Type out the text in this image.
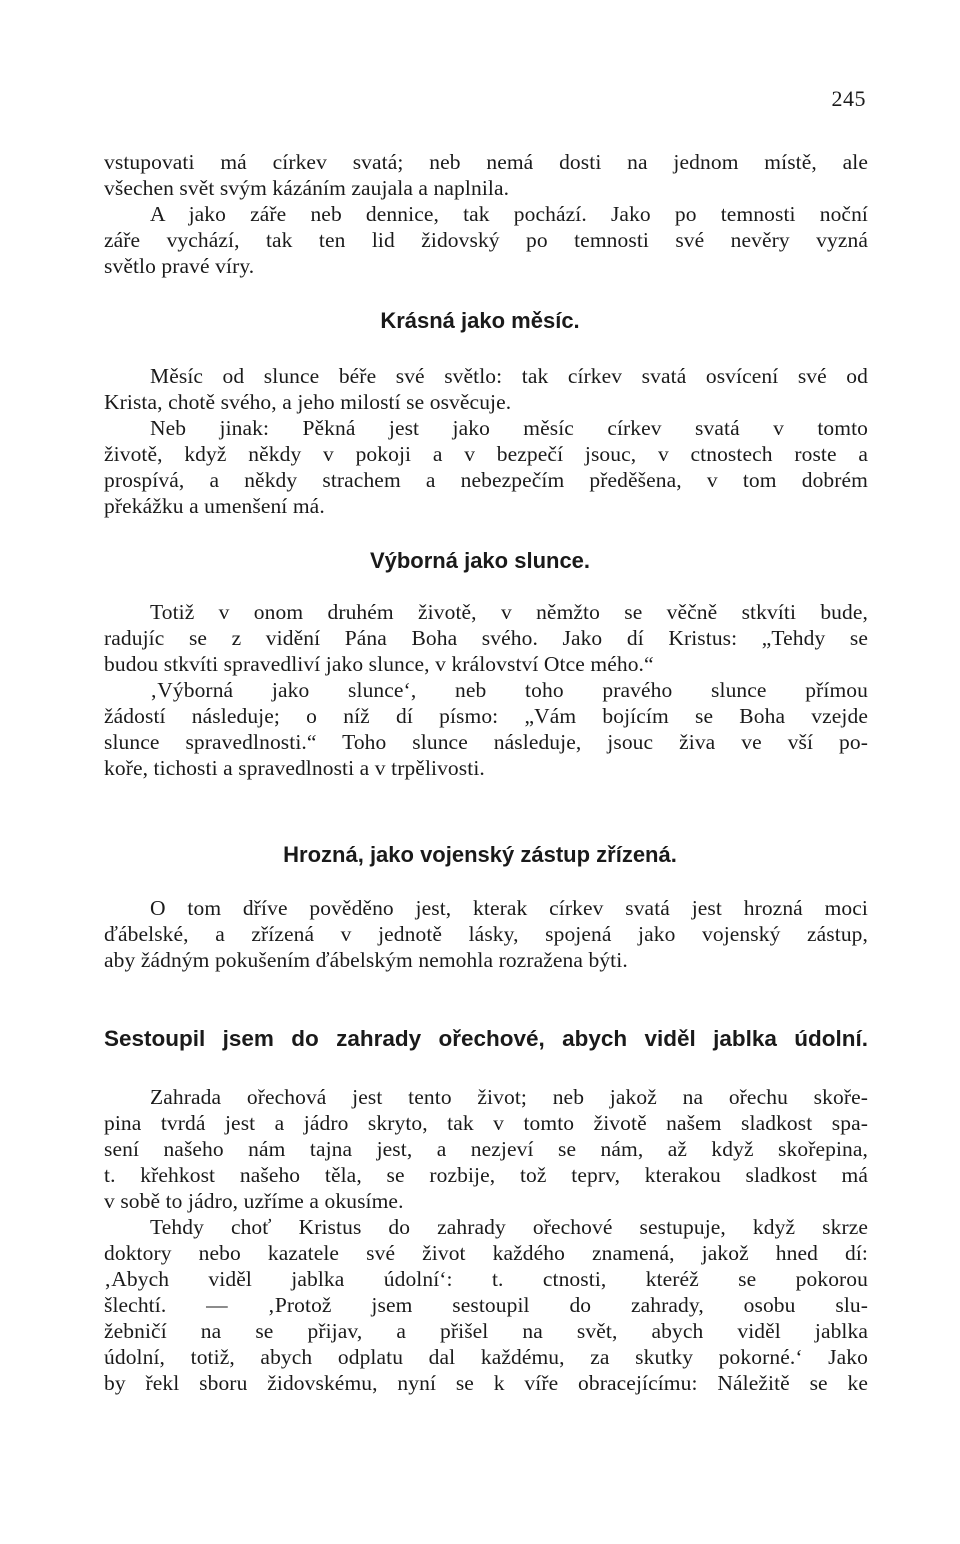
245
vstupovati má církev svatá; neb nemá dosti na jednom místě, ale
všechen svět svým kázáním zaujala a naplnila.
A jako záře neb dennice, tak pochází. Jako po temnosti noční
záře vychází, tak ten lid židovský po temnosti své nevěry vyzná
světlo pravé víry.
Krásná jako měsíc.
Měsíc od slunce béře své světlo: tak církev svatá osvícení své od
Krista, chotě svého, a jeho milostí se osvěcuje.
Neb jinak: Pěkná jest jako měsíc církev svatá v tomto
životě, když někdy v pokoji a v bezpečí jsouc, v ctnostech roste a
prospívá, a někdy strachem a nebezpečím předěšena, v tom dobrém
překážku a umenšení má.
Výborná jako slunce.
Totiž v onom druhém životě, v němžto se věčně stkvíti bude,
radujíc se z vidění Pána Boha svého. Jako dí Kristus: „Tehdy se
budou stkvíti spravedliví jako slunce, v království Otce mého.“
‚Výborná jako slunce‘, neb toho pravého slunce přímou
žádostí následuje; o níž dí písmo: „Vám bojícím se Boha vzejde
slunce spravedlnosti.“ Toho slunce následuje, jsouc živa ve vší po-
koře, tichosti a spravedlnosti a v trpělivosti.
Hrozná, jako vojenský zástup zřízená.
O tom dříve pověděno jest, kterak církev svatá jest hrozná moci
ďábelské, a zřízená v jednotě lásky, spojená jako vojenský zástup,
aby žádným pokušením ďábelským nemohla rozražena býti.
Sestoupil jsem do zahrady ořechové, abych viděl jablka údolní.
Zahrada ořechová jest tento život; neb jakož na ořechu skoře-
pina tvrdá jest a jádro skryto, tak v tomto životě našem sladkost spa-
sení našeho nám tajna jest, a nezjeví se nám, až když skořepina,
t. křehkost našeho těla, se rozbije, tož teprv, kterakou sladkost má
v sobě to jádro, uzříme a okusíme.
Tehdy choť Kristus do zahrady ořechové sestupuje, když skrze
doktory nebo kazatele své život každého znamená, jakož hned dí:
‚Abych viděl jablka údolní‘: t. ctnosti, kteréž se pokorou
šlechtí. — ‚Protož jsem sestoupil do zahrady, osobu slu-
žebničí na se přijav, a přišel na svět, abych viděl jablka
údolní, totiž, abych odplatu dal každému, za skutky pokorné.‘ Jako
by řekl sboru židovskému, nyní se k víře obracejícímu: Náležitě se ke
